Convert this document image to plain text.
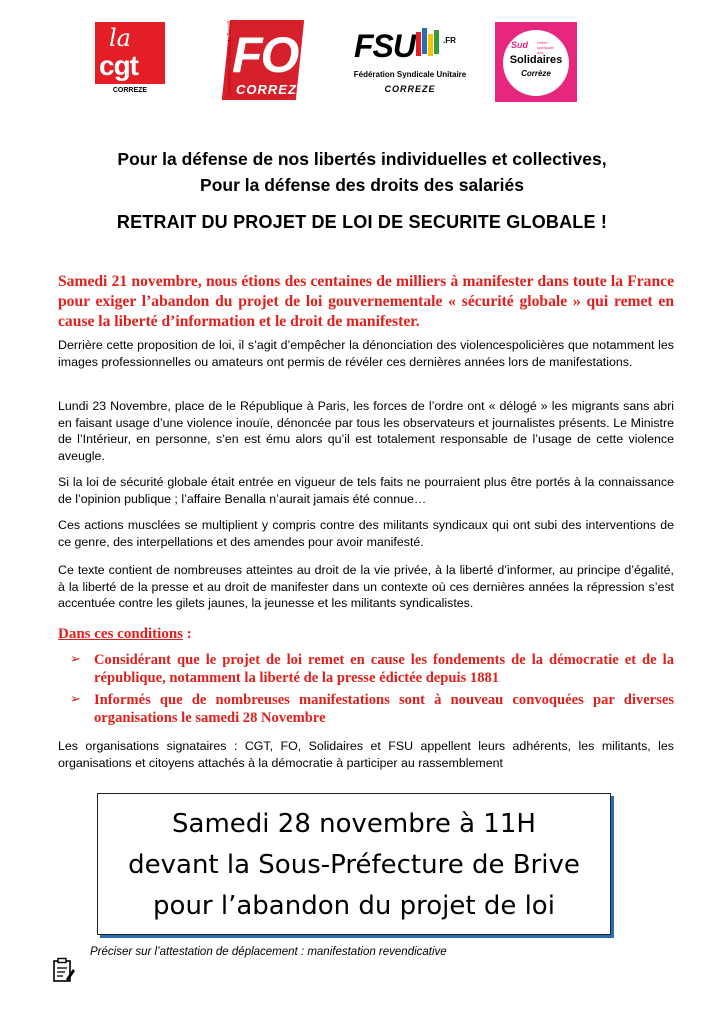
la
cgt
CORREZE	Confédération Générale du Travail
FO
CORREZE
FSU	.FR
Fédération Syndicale Unitaire
CORREZE
Sud Union syndicale des
Solidaires
Corrèze
Pour la défense de nos libertés individuelles et collectives,
Pour la défense des droits des salariés
RETRAIT DU PROJET DE LOI DE SECURITE GLOBALE !
Samedi 21 novembre, nous étions des centaines de milliers à manifester dans toute la France pour exiger l’abandon du projet de loi gouvernementale « sécurité globale » qui remet en cause la liberté d’information et le droit de manifester.
Derrière cette proposition de loi, il s’agit d’empêcher la dénonciation des violencespolicières que notamment les images professionnelles ou amateurs ont permis de révéler ces dernières années lors de manifestations.
Lundi 23 Novembre, place de le République à Paris, les forces de l’ordre ont « délogé » les migrants sans abri en faisant usage d’une violence inouïe, dénoncée par tous les observateurs et journalistes présents. Le Ministre de l’Intérieur, en personne, s’en est ému alors qu’il est totalement responsable de l’usage de cette violence aveugle.
Si la loi de sécurité globale était entrée en vigueur de tels faits ne pourraient plus être portés à la connaissance de l’opinion publique ; l’affaire Benalla n’aurait jamais été connue…
Ces actions musclées se multiplient y compris contre des militants syndicaux qui ont subi des interventions de ce genre, des interpellations et des amendes pour avoir manifesté.
Ce texte contient de nombreuses atteintes au droit de la vie privée, à la liberté d’informer, au principe d’égalité, à la liberté de la presse et au droit de manifester dans un contexte où ces dernières années la répression s’est accentuée contre les gilets jaunes, la jeunesse et les militants syndicalistes.
Dans ces conditions :
➢ Considérant que le projet de loi remet en cause les fondements de la démocratie et de la république, notamment la liberté de la presse édictée depuis 1881
➢ Informés que de nombreuses manifestations sont à nouveau convoquées par diverses organisations le samedi 28 Novembre
Les organisations signataires : CGT, FO, Solidaires et FSU appellent leurs adhérents, les militants, les organisations et citoyens attachés à la démocratie à participer au rassemblement
Samedi 28 novembre à 11H
devant la Sous-Préfecture de Brive
pour l’abandon du projet de loi
Préciser sur l’attestation de déplacement : manifestation revendicative
